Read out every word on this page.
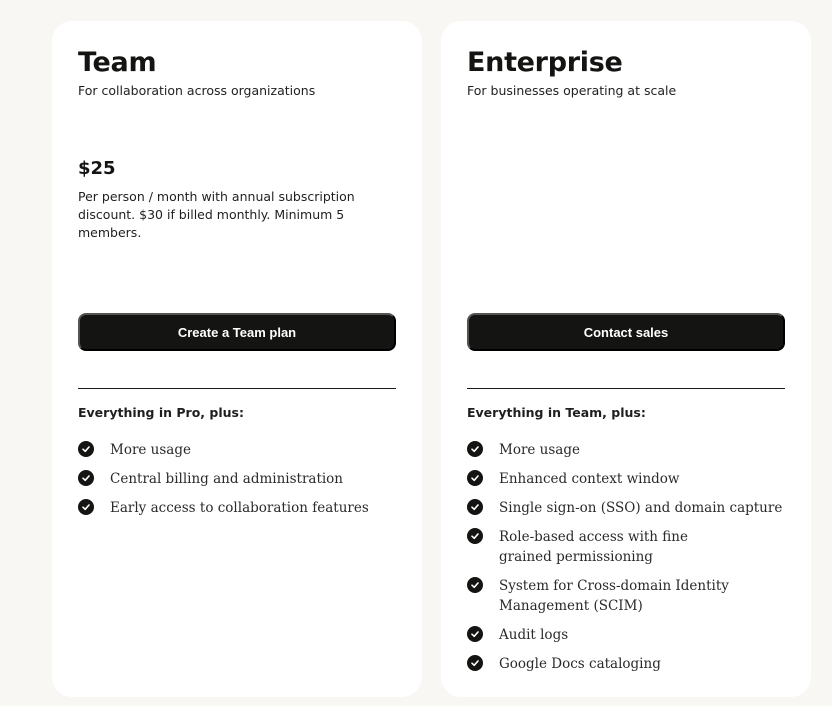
Team
For collaboration across organizations
$25
Per person / month with annual subscription discount. $30 if billed monthly. Minimum 5 members.
Create a Team plan
Everything in Pro, plus:
More usage
Central billing and administration
Early access to collaboration features
Enterprise
For businesses operating at scale
Contact sales
Everything in Team, plus:
More usage
Enhanced context window
Single sign-on (SSO) and domain capture
Role-based access with fine grained permissioning
System for Cross-domain Identity Management (SCIM)
Audit logs
Google Docs cataloging
